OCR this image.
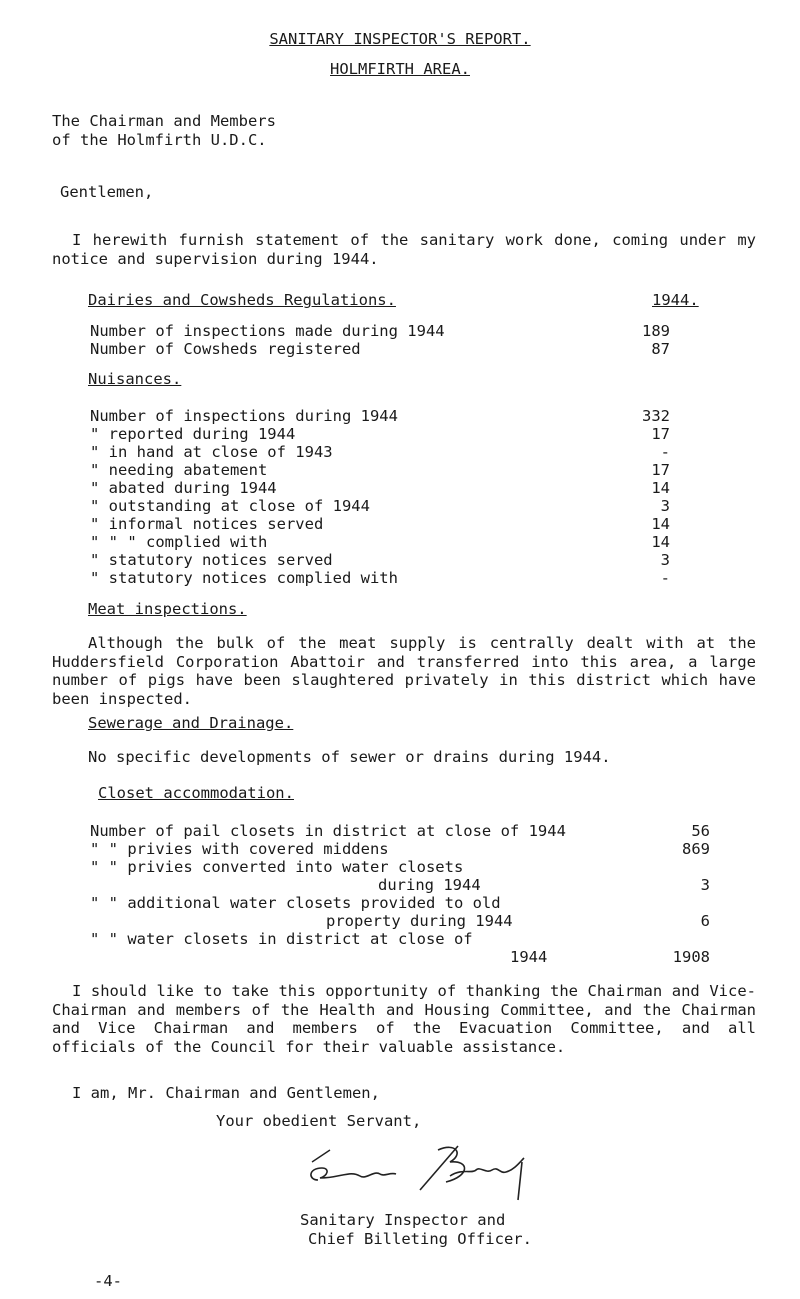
SANITARY INSPECTOR'S REPORT.
HOLMFIRTH AREA.
The Chairman and Members
of the Holmfirth U.D.C.
Gentlemen,
I herewith furnish statement of the sanitary work done, coming under my notice and supervision during 1944.
Dairies and Cowsheds Regulations.	1944.
Number of inspections made during 1944	189
Number of Cowsheds registered	87
Nuisances.
Number of inspections during 1944	332
" reported during 1944	17
" in hand at close of 1943	-
" needing abatement	17
" abated during 1944	14
" outstanding at close of 1944	3
" informal notices served	14
" " " complied with	14
" statutory notices served	3
" statutory notices complied with	-
Meat inspections.
Although the bulk of the meat supply is centrally dealt with at the Huddersfield Corporation Abattoir and transferred into this area, a large number of pigs have been slaughtered privately in this district which have been inspected.
Sewerage and Drainage.
No specific developments of sewer or drains during 1944.
Closet accommodation.
Number of pail closets in district at close of 1944	56
" " privies with covered middens	869
" " privies converted into water closets
during 1944	3
" " additional water closets provided to old
property during 1944	6
" " water closets in district at close of
1944	1908
I should like to take this opportunity of thanking the Chairman and Vice-Chairman and members of the Health and Housing Committee, and the Chairman and Vice Chairman and members of the Evacuation Committee, and all officials of the Council for their valuable assistance.
I am, Mr. Chairman and Gentlemen,
Your obedient Servant,
Sanitary Inspector and
Chief Billeting Officer.
-4-
